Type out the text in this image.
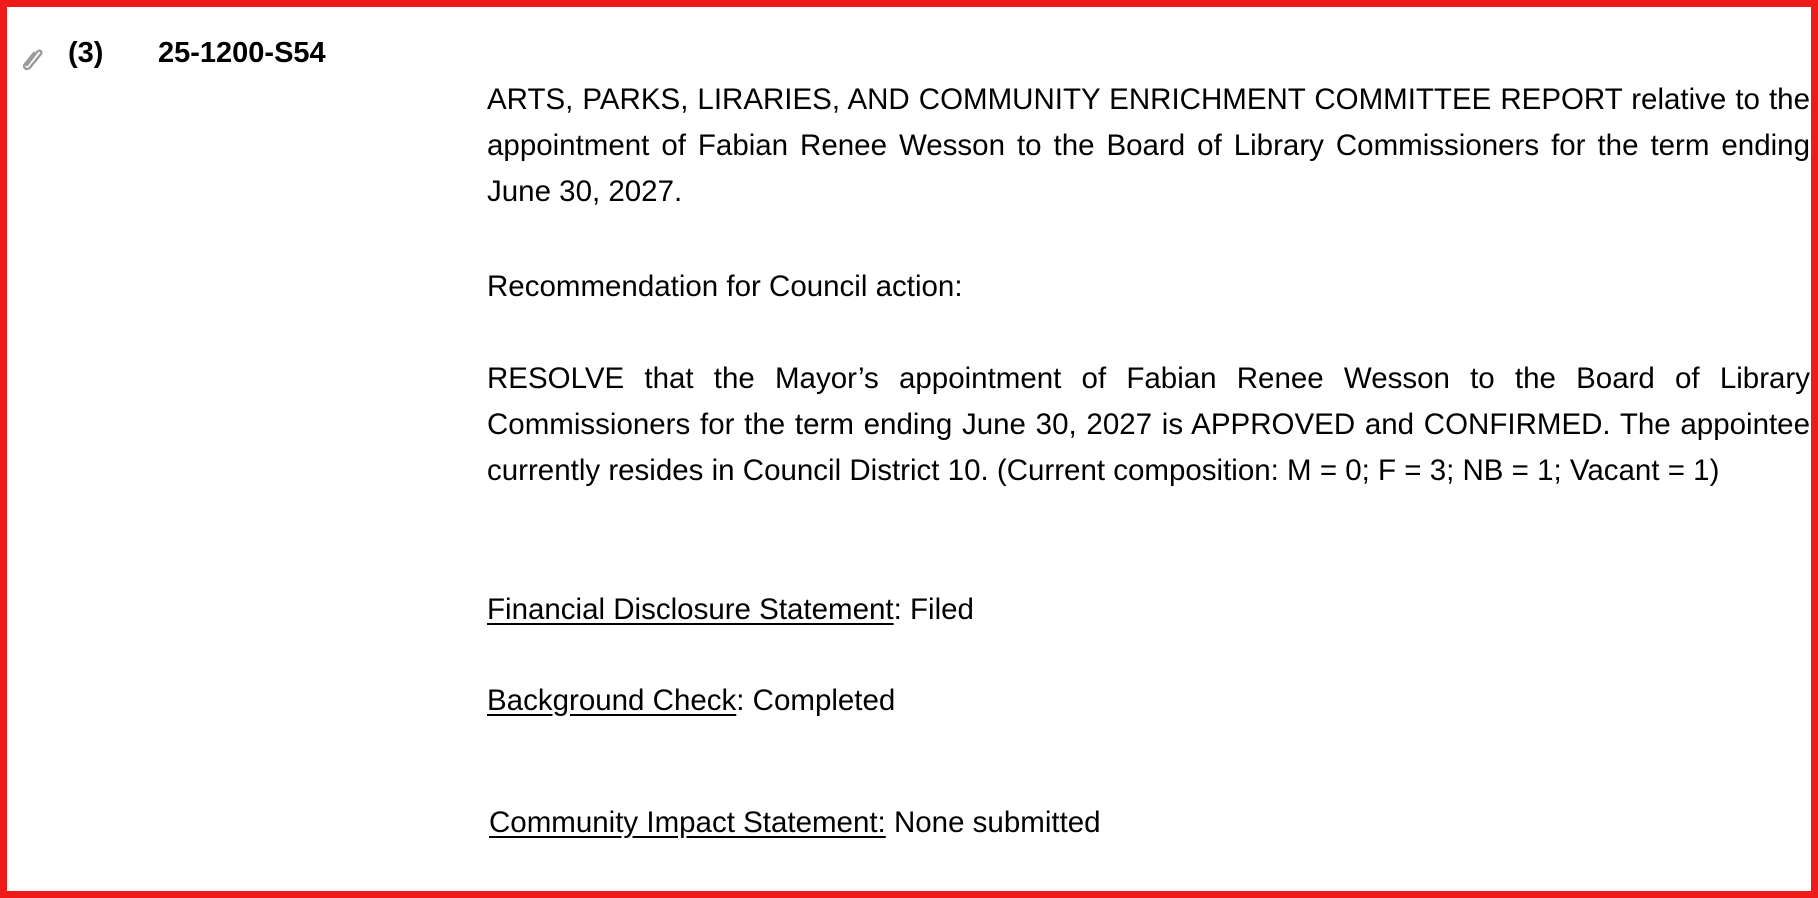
(3) 25-1200-S54
ARTS, PARKS, LIRARIES, AND COMMUNITY ENRICHMENT COMMITTEE REPORT relative to the appointment of Fabian Renee Wesson to the Board of Library Commissioners for the term ending June 30, 2027.
Recommendation for Council action:
RESOLVE that the Mayor’s appointment of Fabian Renee Wesson to the Board of Library Commissioners for the term ending June 30, 2027 is APPROVED and CONFIRMED. The appointee currently resides in Council District 10. (Current composition: M = 0; F = 3; NB = 1; Vacant = 1)
Financial Disclosure Statement: Filed
Background Check: Completed
Community Impact Statement: None submitted
